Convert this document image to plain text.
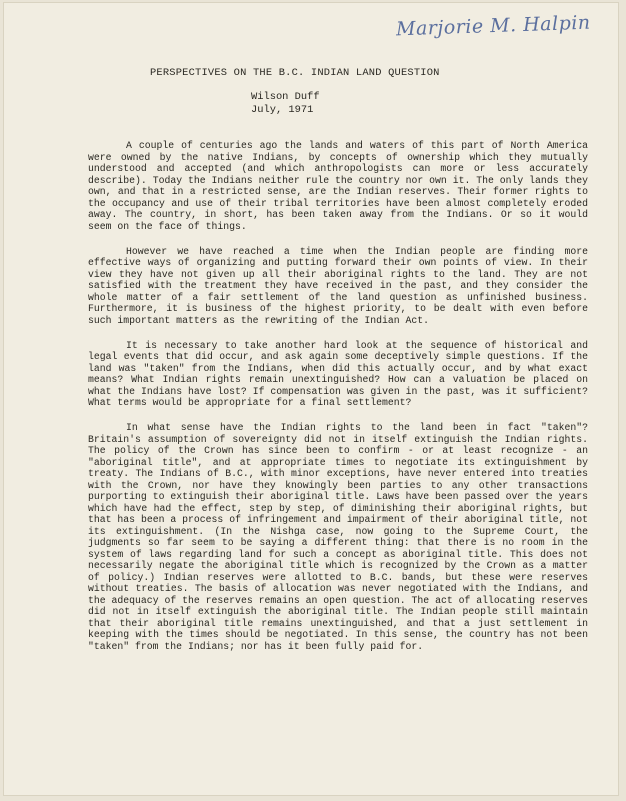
Marjorie M. Halpin
PERSPECTIVES ON THE B.C. INDIAN LAND QUESTION
Wilson Duff
July, 1971

A couple of centuries ago the lands and waters of this part of North America were owned by the native Indians, by concepts of ownership which they mutually understood and accepted (and which anthropologists can more or less accurately describe). Today the Indians neither rule the country nor own it. The only lands they own, and that in a restricted sense, are the Indian reserves. Their former rights to the occupancy and use of their tribal territories have been almost completely eroded away. The country, in short, has been taken away from the Indians. Or so it would seem on the face of things.

However we have reached a time when the Indian people are finding more effective ways of organizing and putting forward their own points of view. In their view they have not given up all their aboriginal rights to the land. They are not satisfied with the treatment they have received in the past, and they consider the whole matter of a fair settlement of the land question as unfinished business. Furthermore, it is business of the highest priority, to be dealt with even before such important matters as the rewriting of the Indian Act.

It is necessary to take another hard look at the sequence of historical and legal events that did occur, and ask again some deceptively simple questions. If the land was "taken" from the Indians, when did this actually occur, and by what exact means? What Indian rights remain unextinguished? How can a valuation be placed on what the Indians have lost? If compensation was given in the past, was it sufficient? What terms would be appropriate for a final settlement?

In what sense have the Indian rights to the land been in fact "taken"? Britain's assumption of sovereignty did not in itself extinguish the Indian rights. The policy of the Crown has since been to confirm - or at least recognize - an "aboriginal title", and at appropriate times to negotiate its extinguishment by treaty. The Indians of B.C., with minor exceptions, have never entered into treaties with the Crown, nor have they knowingly been parties to any other transactions purporting to extinguish their aboriginal title. Laws have been passed over the years which have had the effect, step by step, of diminishing their aboriginal rights, but that has been a process of infringement and impairment of their aboriginal title, not its extinguishment. (In the Nishga case, now going to the Supreme Court, the judgments so far seem to be saying a different thing: that there is no room in the system of laws regarding land for such a concept as aboriginal title. This does not necessarily negate the aboriginal title which is recognized by the Crown as a matter of policy.) Indian reserves were allotted to B.C. bands, but these were reserves without treaties. The basis of allocation was never negotiated with the Indians, and the adequacy of the reserves remains an open question. The act of allocating reserves did not in itself extinguish the aboriginal title. The Indian people still maintain that their aboriginal title remains unextinguished, and that a just settlement in keeping with the times should be negotiated. In this sense, the country has not been "taken" from the Indians; nor has it been fully paid for.
